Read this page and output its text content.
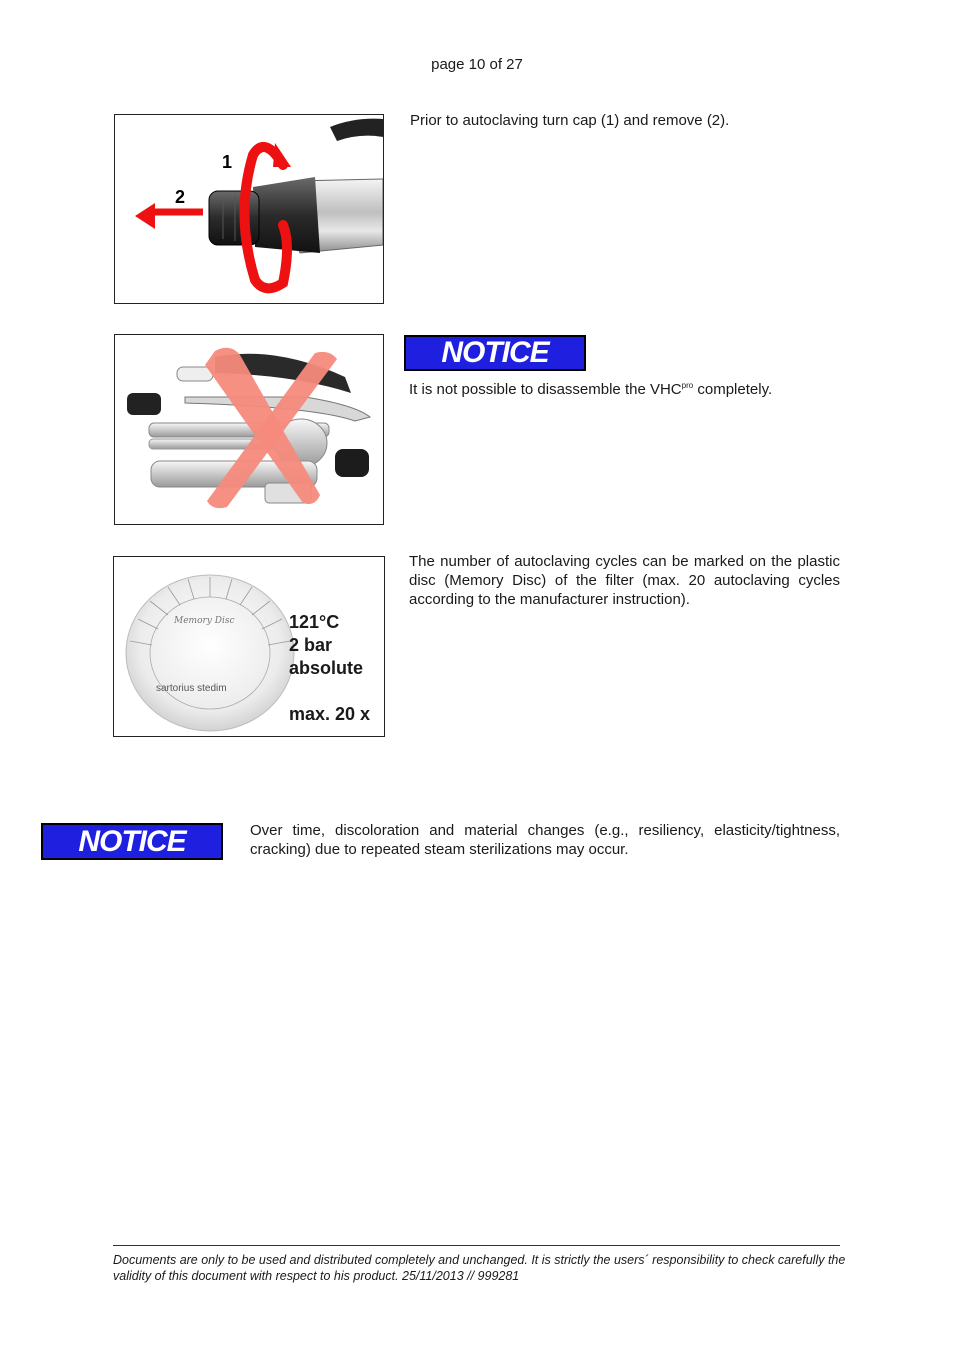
page 10 of 27
1
2
Prior to autoclaving turn cap (1) and remove (2).
NOTICE
It is not possible to disassemble the $VHC^{pro}$ completely.
Memory Disc
sartorius stedim
121°C
2 bar
absolute
max. 20 x
The number of autoclaving cycles can be marked on the plastic disc (Memory Disc) of the filter (max. 20 autoclaving cycles according to the manufacturer instruction).
NOTICE	Over time, discoloration and material changes (e.g., resiliency, elasticity/tightness, cracking) due to repeated steam sterilizations may occur.
Documents are only to be used and distributed completely and unchanged. It is strictly the users´ responsibility to check carefully the validity of this document with respect to his product. 25/11/2013 // 999281
